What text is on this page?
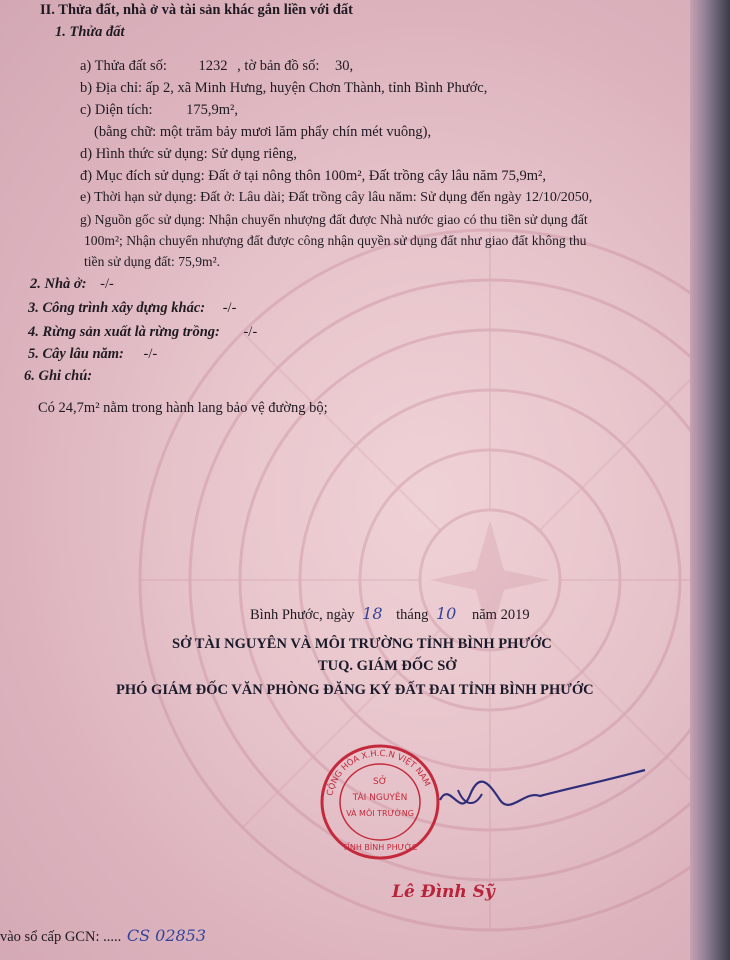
II. Thửa đất, nhà ở và tài sản khác gắn liền với đất
1. Thửa đất
a) Thửa đất số: 1232 , tờ bản đồ số: 30,
b) Địa chỉ: ấp 2, xã Minh Hưng, huyện Chơn Thành, tỉnh Bình Phước,
c) Diện tích: 175,9m²,
(bằng chữ: một trăm bảy mươi lăm phẩy chín mét vuông),
d) Hình thức sử dụng: Sử dụng riêng,
đ) Mục đích sử dụng: Đất ở tại nông thôn 100m², Đất trồng cây lâu năm 75,9m²,
e) Thời hạn sử dụng: Đất ở: Lâu dài; Đất trồng cây lâu năm: Sử dụng đến ngày 12/10/2050,
g) Nguồn gốc sử dụng: Nhận chuyển nhượng đất được Nhà nước giao có thu tiền sử dụng đất
100m²; Nhận chuyển nhượng đất được công nhận quyền sử dụng đất như giao đất không thu
tiền sử dụng đất: 75,9m².
2. Nhà ở: -/-
3. Công trình xây dựng khác: -/-
4. Rừng sản xuất là rừng trồng: -/-
5. Cây lâu năm: -/-
6. Ghi chú:
Có 24,7m² nằm trong hành lang bảo vệ đường bộ;
Bình Phước, ngày 18 tháng 10 năm 2019
SỞ TÀI NGUYÊN VÀ MÔI TRƯỜNG TỈNH BÌNH PHƯỚC
TUQ. GIÁM ĐỐC SỞ
PHÓ GIÁM ĐỐC VĂN PHÒNG ĐĂNG KÝ ĐẤT ĐAI TỈNH BÌNH PHƯỚC
CỘNG HÒA X.H.C.N VIỆT NAM
SỞ
TÀI NGUYÊN
VÀ MÔI TRƯỜNG
TỈNH BÌNH PHƯỚC
Lê Đình Sỹ
vào sổ cấp GCN: ..... CS 02853
